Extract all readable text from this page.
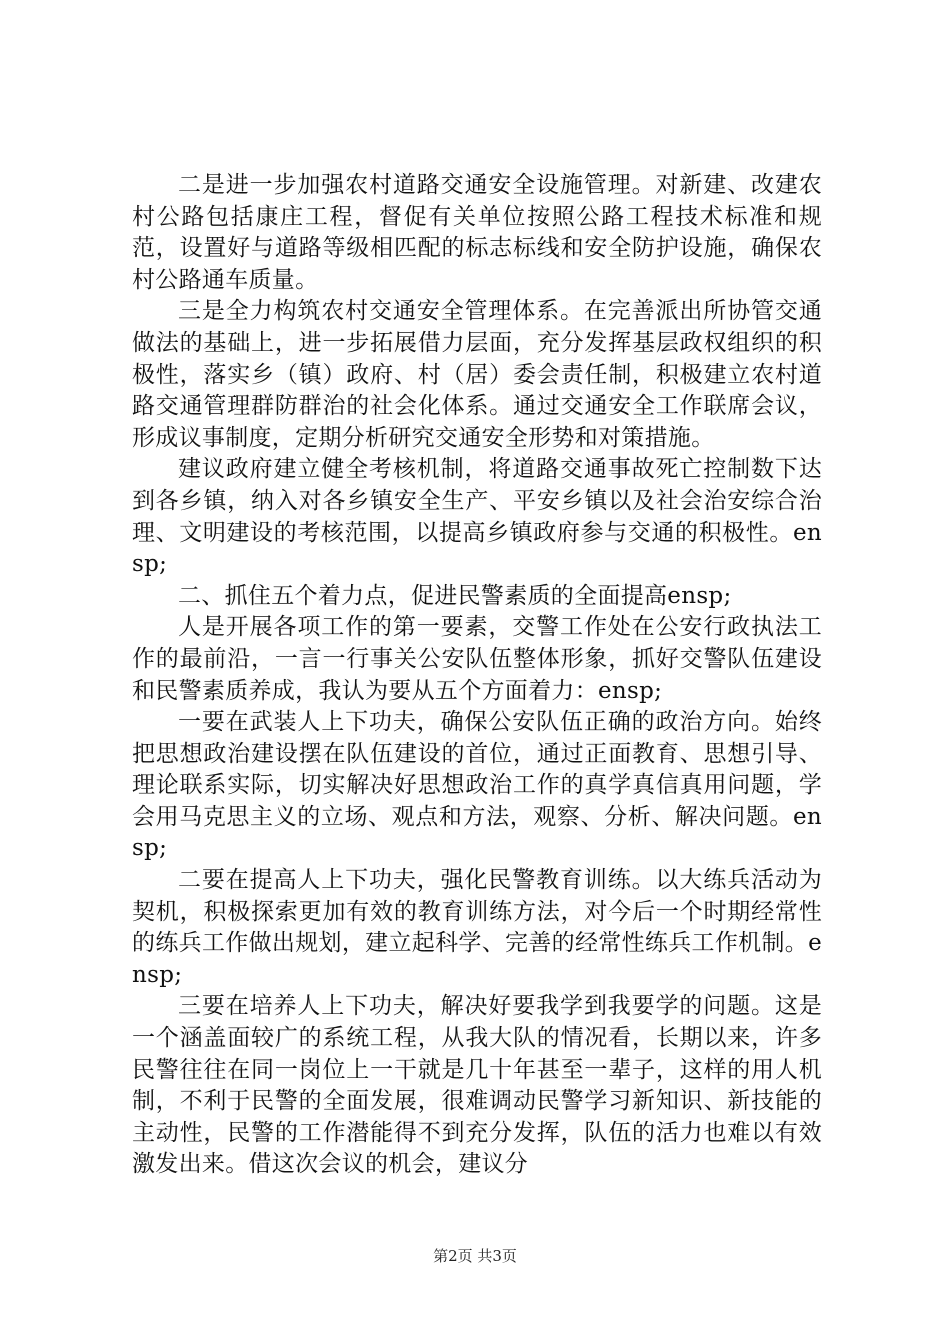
二是进一步加强农村道路交通安全设施管理。对新建、改建农村公路包括康庄工程，督促有关单位按照公路工程技术标准和规范，设置好与道路等级相匹配的标志标线和安全防护设施，确保农村公路通车质量。

三是全力构筑农村交通安全管理体系。在完善派出所协管交通做法的基础上，进一步拓展借力层面，充分发挥基层政权组织的积极性，落实乡（镇）政府、村（居）委会责任制，积极建立农村道路交通管理群防群治的社会化体系。通过交通安全工作联席会议，形成议事制度，定期分析研究交通安全形势和对策措施。

建议政府建立健全考核机制，将道路交通事故死亡控制数下达到各乡镇，纳入对各乡镇安全生产、平安乡镇以及社会治安综合治理、文明建设的考核范围，以提高乡镇政府参与交通的积极性。ensp;

二、抓住五个着力点，促进民警素质的全面提高ensp;

人是开展各项工作的第一要素，交警工作处在公安行政执法工作的最前沿，一言一行事关公安队伍整体形象，抓好交警队伍建设和民警素质养成，我认为要从五个方面着力：ensp;

一要在武装人上下功夫，确保公安队伍正确的政治方向。始终把思想政治建设摆在队伍建设的首位，通过正面教育、思想引导、理论联系实际，切实解决好思想政治工作的真学真信真用问题，学会用马克思主义的立场、观点和方法，观察、分析、解决问题。ensp;

二要在提高人上下功夫，强化民警教育训练。以大练兵活动为契机，积极探索更加有效的教育训练方法，对今后一个时期经常性的练兵工作做出规划，建立起科学、完善的经常性练兵工作机制。ensp;

三要在培养人上下功夫，解决好要我学到我要学的问题。这是一个涵盖面较广的系统工程，从我大队的情况看，长期以来，许多民警往往在同一岗位上一干就是几十年甚至一辈子，这样的用人机制，不利于民警的全面发展，很难调动民警学习新知识、新技能的主动性，民警的工作潜能得不到充分发挥，队伍的活力也难以有效激发出来。借这次会议的机会，建议分

第2页 共3页
